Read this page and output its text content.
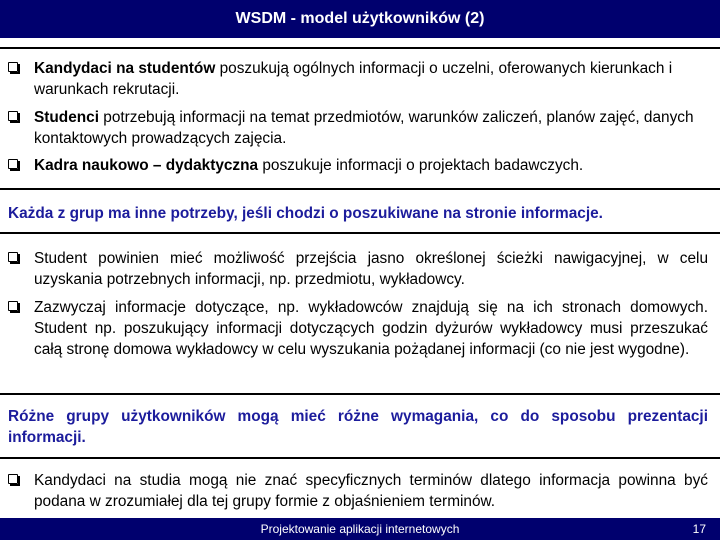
WSDM - model użytkowników (2)
Kandydaci na studentów poszukują ogólnych informacji o uczelni, oferowanych kierunkach i warunkach rekrutacji.
Studenci potrzebują informacji na temat przedmiotów, warunków zaliczeń, planów zajęć, danych kontaktowych prowadzących zajęcia.
Kadra naukowo – dydaktyczna poszukuje informacji o projektach badawczych.
Każda z grup ma inne potrzeby, jeśli chodzi o poszukiwane na stronie informacje.
Student powinien mieć możliwość przejścia jasno określonej ścieżki nawigacyjnej, w celu uzyskania potrzebnych informacji, np. przedmiotu, wykładowcy.
Zazwyczaj informacje dotyczące, np. wykładowców znajdują się na ich stronach domowych. Student np. poszukujący informacji dotyczących godzin dyżurów wykładowcy musi przeszukać całą stronę domowa wykładowcy w celu wyszukania pożądanej informacji (co nie jest wygodne).
Różne grupy użytkowników mogą mieć różne wymagania, co do sposobu prezentacji informacji.
Kandydaci na studia mogą nie znać specyficznych terminów dlatego informacja powinna być podana w zrozumiałej dla tej grupy formie z objaśnieniem terminów.
Projektowanie aplikacji internetowych	17
